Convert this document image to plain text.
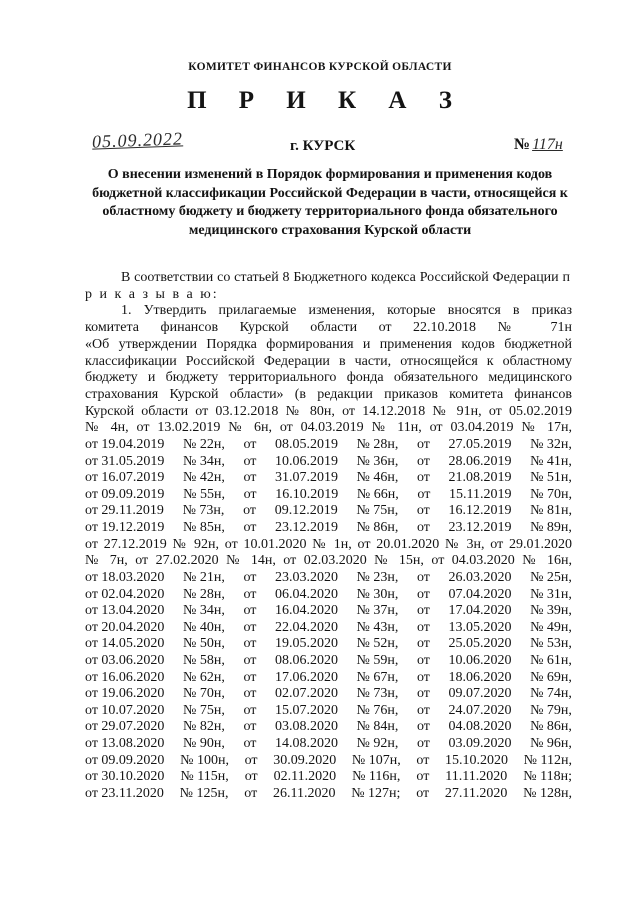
КОМИТЕТ ФИНАНСОВ КУРСКОЙ ОБЛАСТИ
П Р И К А З
05.09.2022	г. КУРСК	№ 117н
О внесении изменений в Порядок формирования и применения кодов бюджетной классификации Российской Федерации в части, относящейся к областному бюджету и бюджету территориального фонда обязательного медицинского страхования Курской области

В соответствии со статьей 8 Бюджетного кодекса Российской Федерации п р и к а з ы в а ю:

1. Утвердить прилагаемые изменения, которые вносятся в приказ
комитета финансов Курской области от 22.10.2018 № 71н
«Об утверждении Порядка формирования и применения кодов бюджетной
классификации Российской Федерации в части, относящейся к областному
бюджету и бюджету территориального фонда обязательного медицинского
страхования Курской области» (в редакции приказов комитета финансов
Курской области от 03.12.2018 № 80н, от 14.12.2018 № 91н, от 05.02.2019
№ 4н, от 13.02.2019 № 6н, от 04.03.2019 № 11н, от 03.04.2019 № 17н,
от 19.04.2019 № 22н, от 08.05.2019 № 28н, от 27.05.2019 № 32н,
от 31.05.2019 № 34н, от 10.06.2019 № 36н, от 28.06.2019 № 41н,
от 16.07.2019 № 42н, от 31.07.2019 № 46н, от 21.08.2019 № 51н,
от 09.09.2019 № 55н, от 16.10.2019 № 66н, от 15.11.2019 № 70н,
от 29.11.2019 № 73н, от 09.12.2019 № 75н, от 16.12.2019 № 81н,
от 19.12.2019 № 85н, от 23.12.2019 № 86н, от 23.12.2019 № 89н,
от 27.12.2019 № 92н, от 10.01.2020 № 1н, от 20.01.2020 № 3н, от 29.01.2020
№ 7н, от 27.02.2020 № 14н, от 02.03.2020 № 15н, от 04.03.2020 № 16н,
от 18.03.2020 № 21н, от 23.03.2020 № 23н, от 26.03.2020 № 25н,
от 02.04.2020 № 28н, от 06.04.2020 № 30н, от 07.04.2020 № 31н,
от 13.04.2020 № 34н, от 16.04.2020 № 37н, от 17.04.2020 № 39н,
от 20.04.2020 № 40н, от 22.04.2020 № 43н, от 13.05.2020 № 49н,
от 14.05.2020 № 50н, от 19.05.2020 № 52н, от 25.05.2020 № 53н,
от 03.06.2020 № 58н, от 08.06.2020 № 59н, от 10.06.2020 № 61н,
от 16.06.2020 № 62н, от 17.06.2020 № 67н, от 18.06.2020 № 69н,
от 19.06.2020 № 70н, от 02.07.2020 № 73н, от 09.07.2020 № 74н,
от 10.07.2020 № 75н, от 15.07.2020 № 76н, от 24.07.2020 № 79н,
от 29.07.2020 № 82н, от 03.08.2020 № 84н, от 04.08.2020 № 86н,
от 13.08.2020 № 90н, от 14.08.2020 № 92н, от 03.09.2020 № 96н,
от 09.09.2020 № 100н, от 30.09.2020 № 107н, от 15.10.2020 № 112н,
от 30.10.2020 № 115н, от 02.11.2020 № 116н, от 11.11.2020 № 118н;
от 23.11.2020 № 125н, от 26.11.2020 № 127н; от 27.11.2020 № 128н,
